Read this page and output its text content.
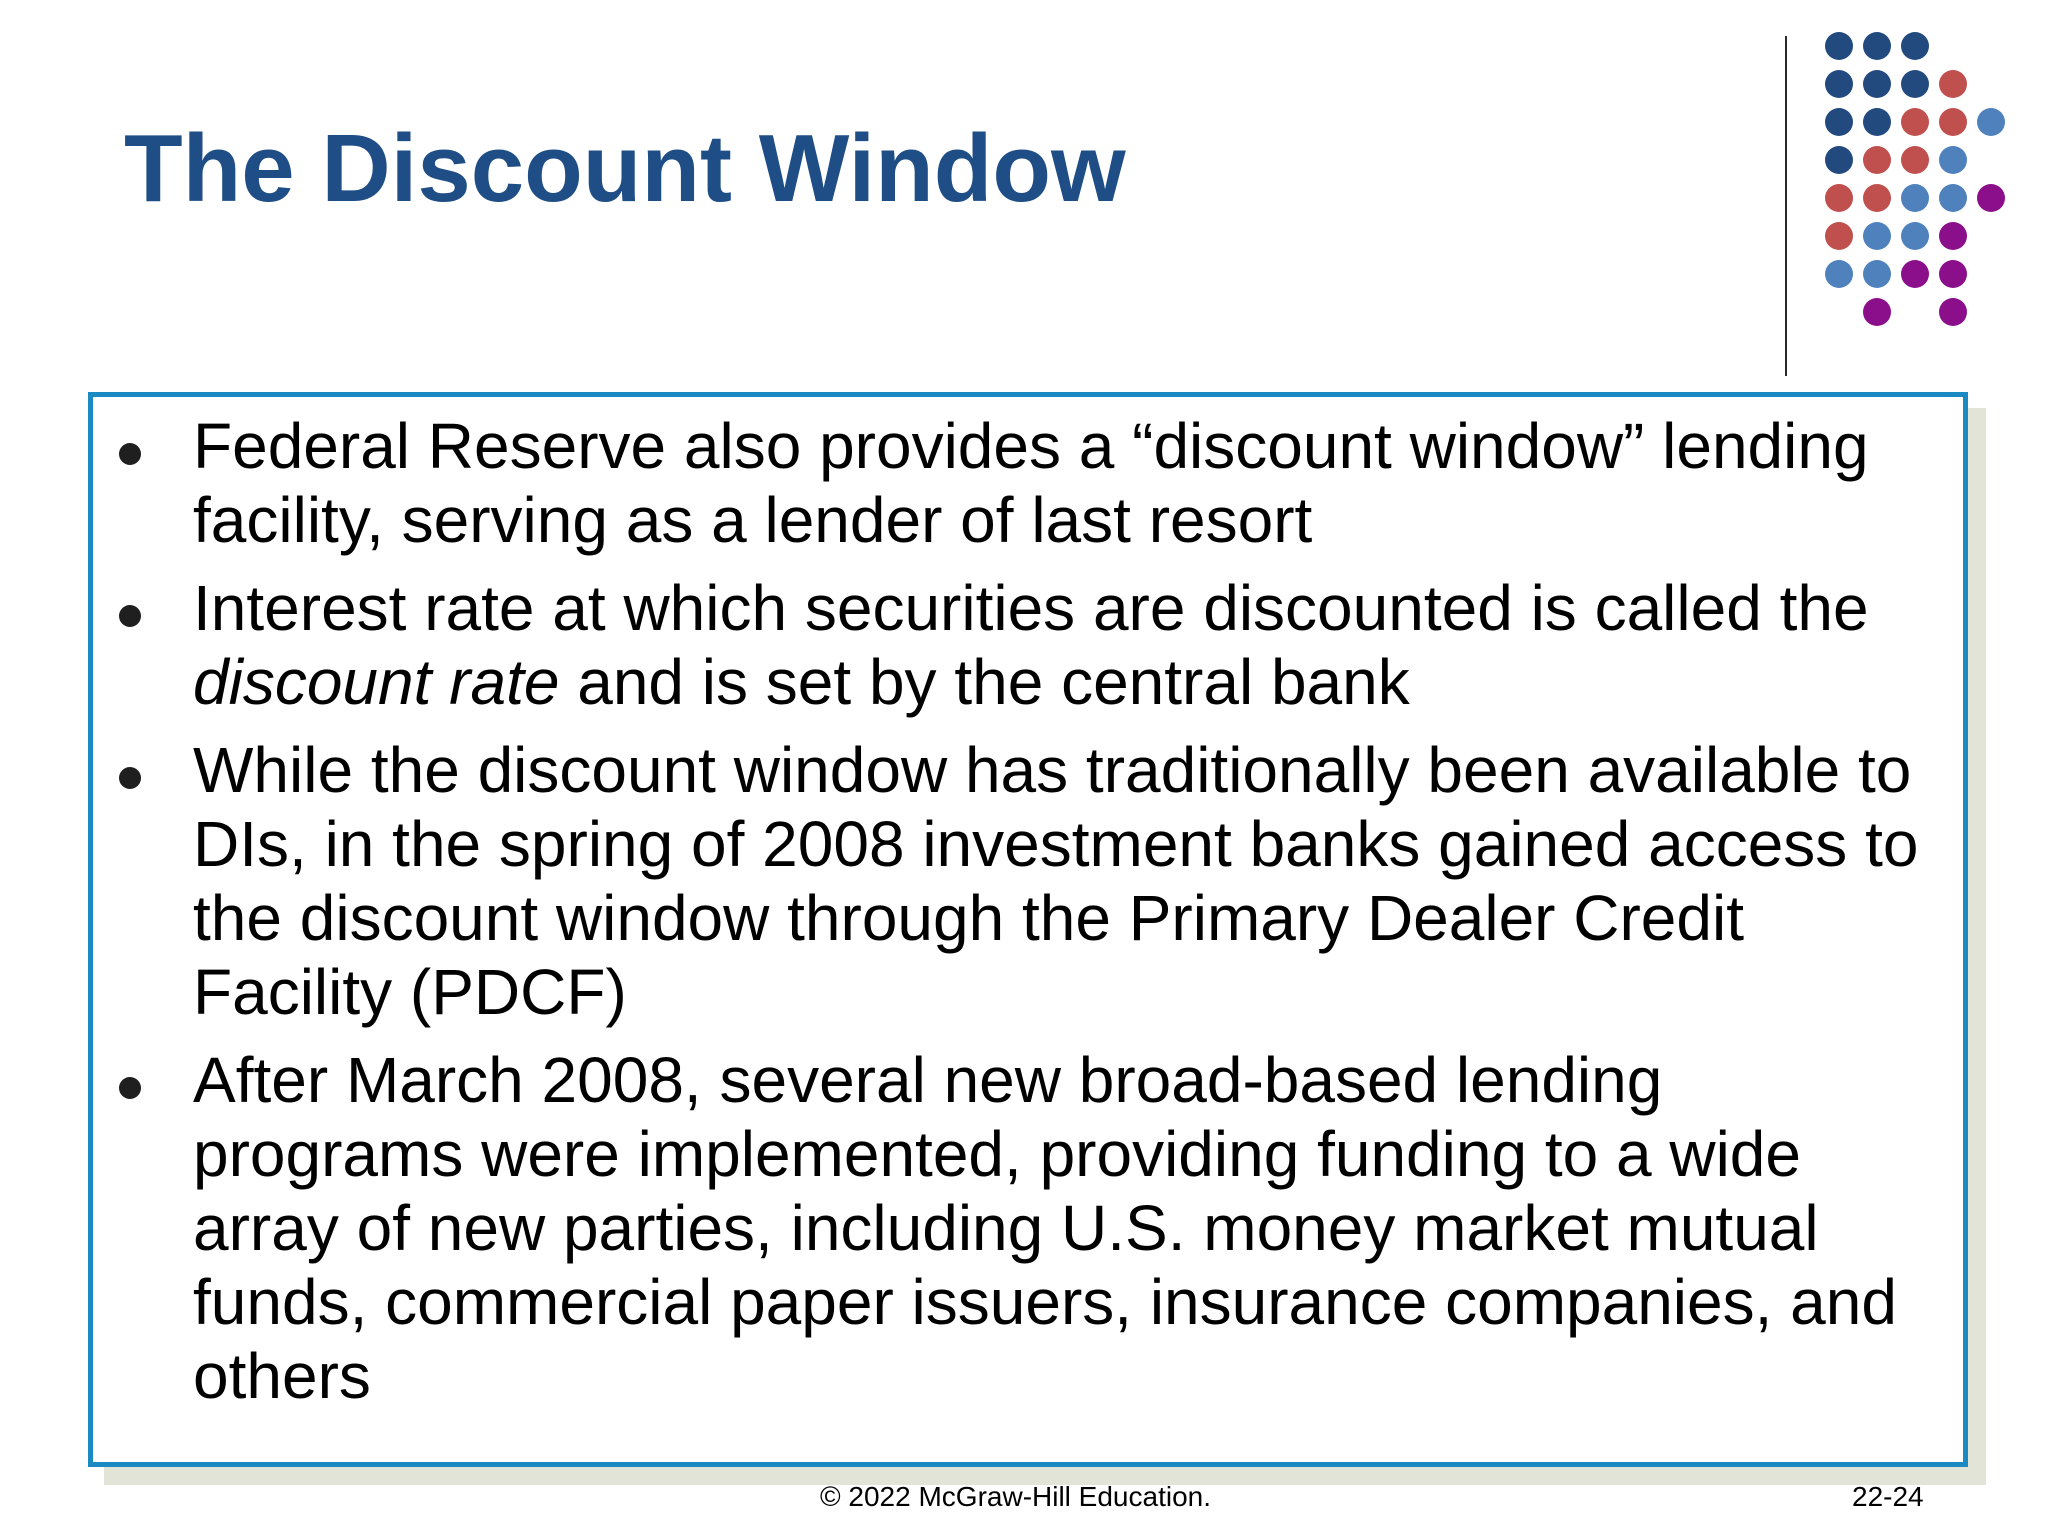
The Discount Window

Federal Reserve also provides a “discount window” lending facility, serving as a lender of last resort

Interest rate at which securities are discounted is called the discount rate and is set by the central bank

While the discount window has traditionally been available to DIs, in the spring of 2008 investment banks gained access to the discount window through the Primary Dealer Credit Facility (PDCF)

After March 2008, several new broad-based lending programs were implemented, providing funding to a wide array of new parties, including U.S. money market mutual funds, commercial paper issuers, insurance companies, and others

© 2022 McGraw-Hill Education.	22-24
